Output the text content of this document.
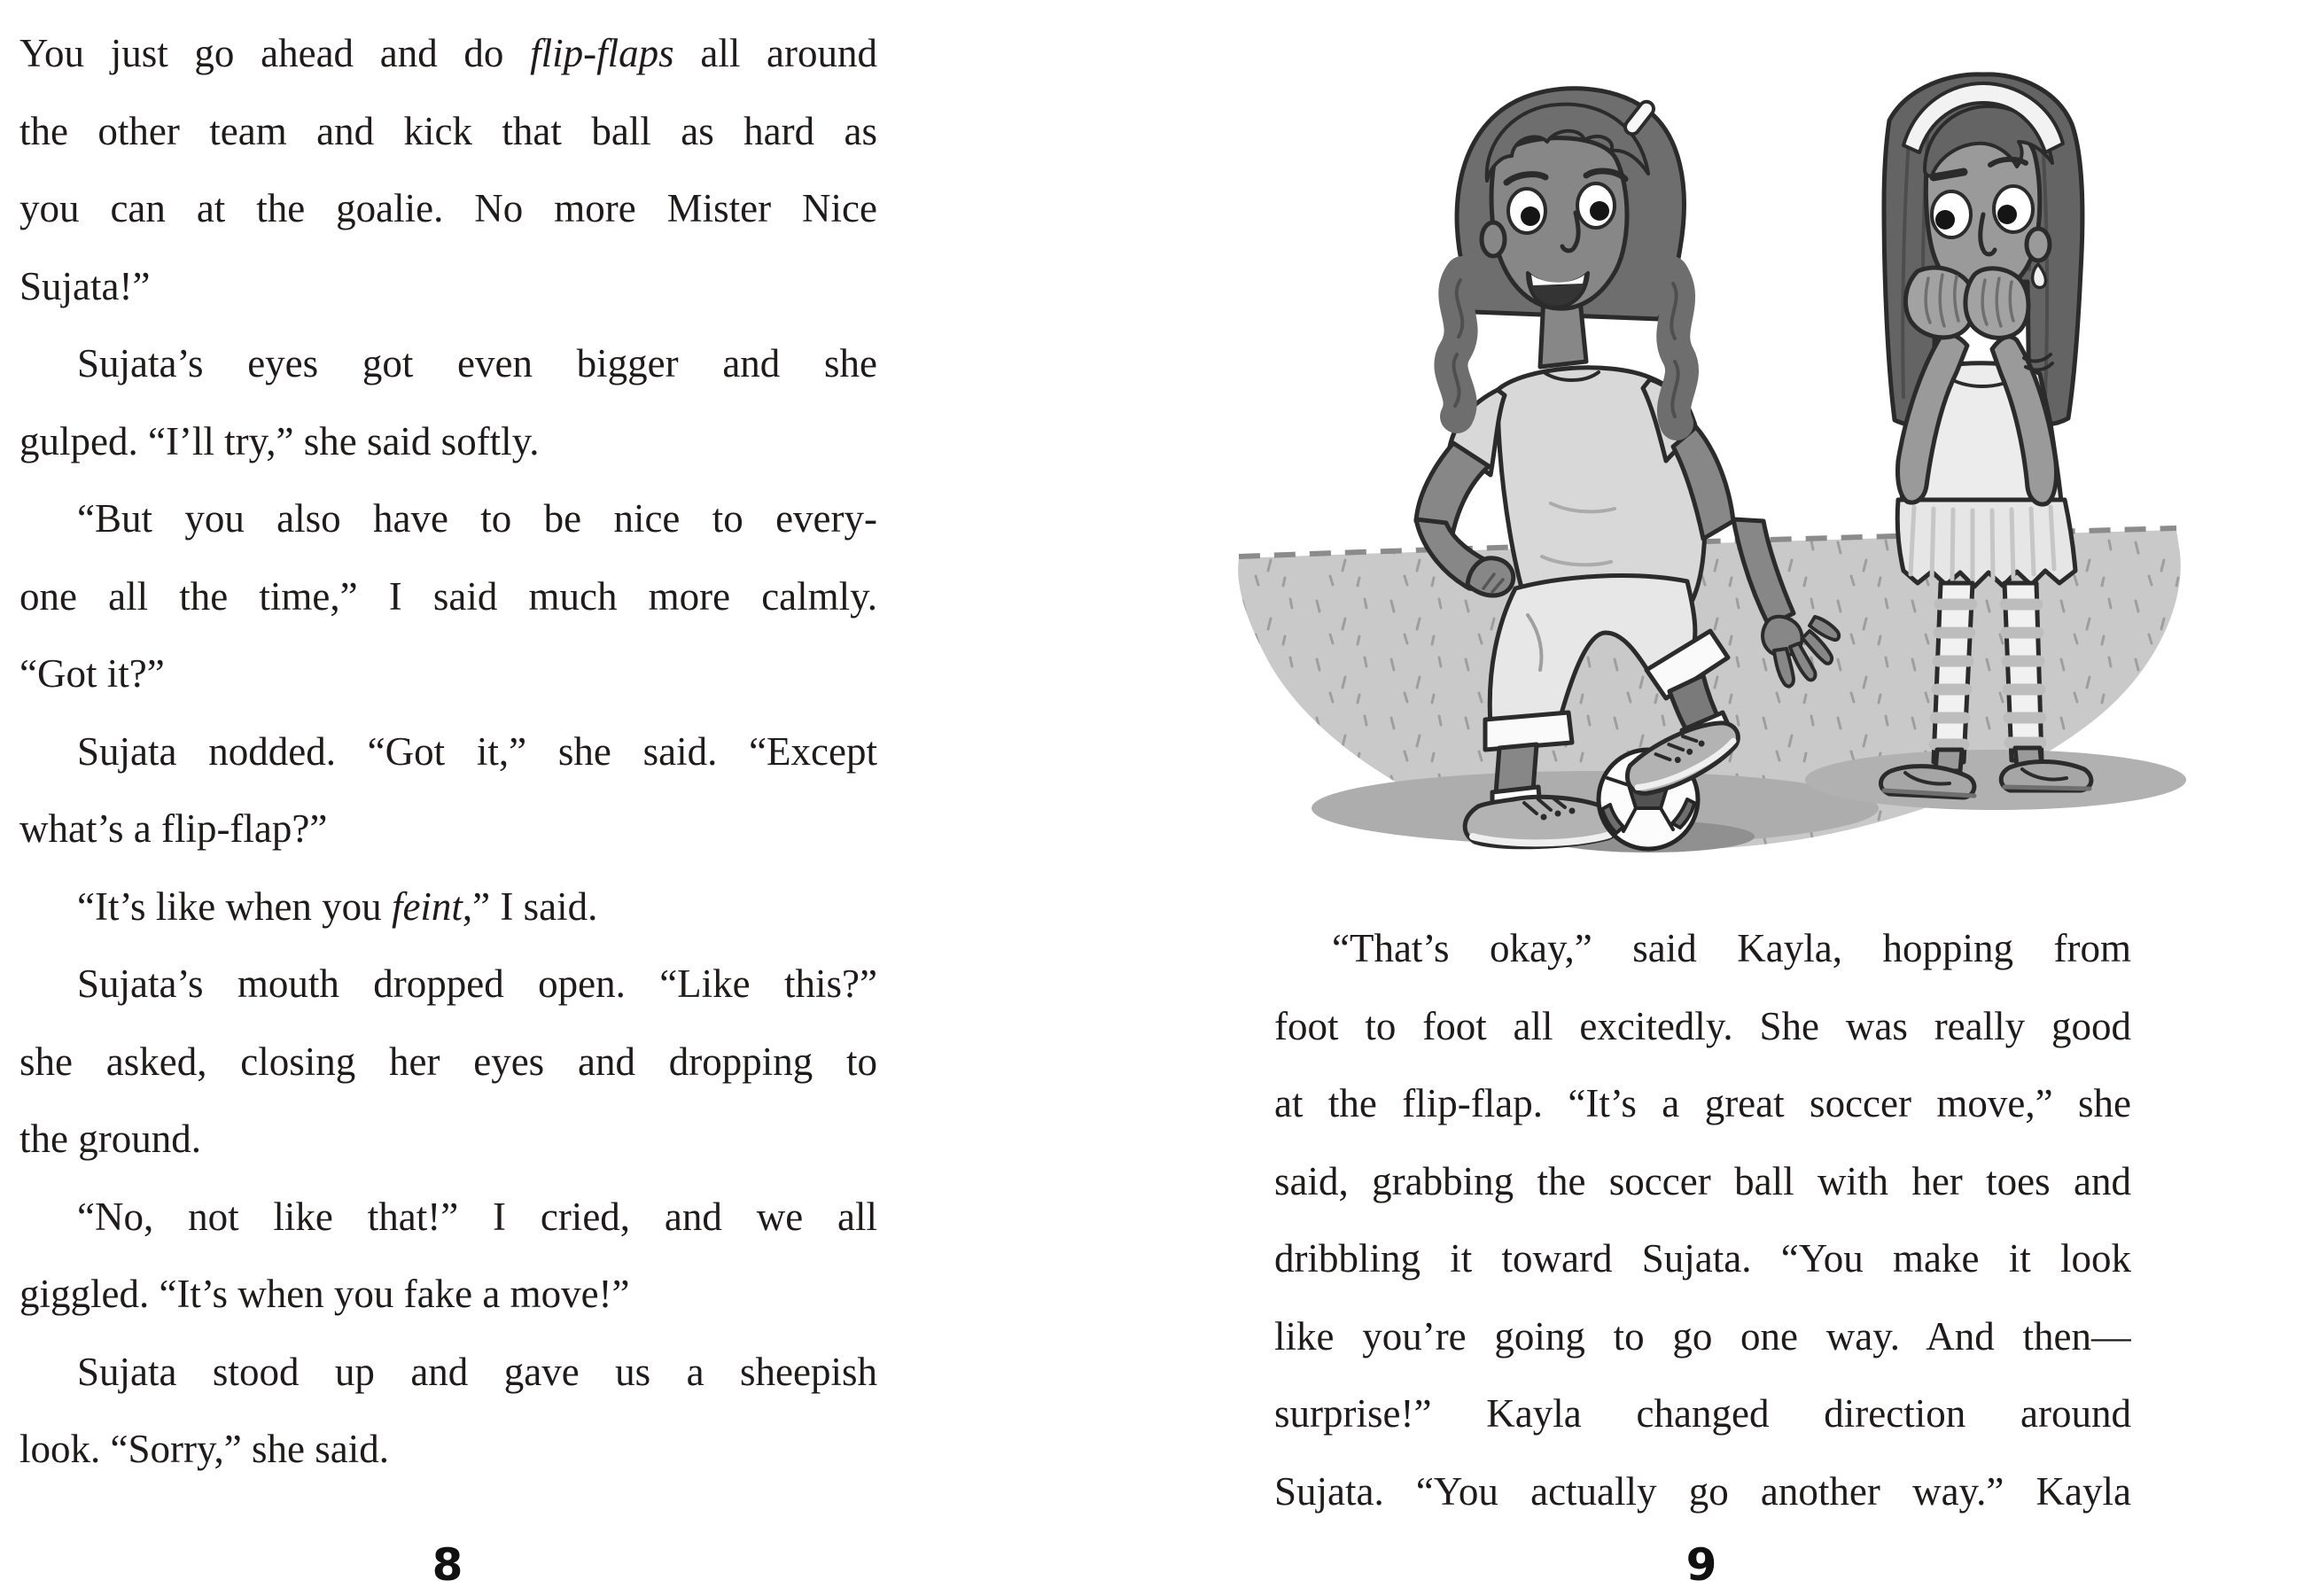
You just go ahead and do flip-flaps all around
the other team and kick that ball as hard as
you can at the goalie. No more Mister Nice
Sujata!”
Sujata’s eyes got even bigger and she
gulped. “I’ll try,” she said softly.
“But you also have to be nice to every-
one all the time,” I said much more calmly.
“Got it?”
Sujata nodded. “Got it,” she said. “Except
what’s a flip-flap?”
“It’s like when you feint,” I said.
Sujata’s mouth dropped open. “Like this?”
she asked, closing her eyes and dropping to
the ground.
“No, not like that!” I cried, and we all
giggled. “It’s when you fake a move!”
Sujata stood up and gave us a sheepish
look. “Sorry,” she said.
8
“That’s okay,” said Kayla, hopping from
foot to foot all excitedly. She was really good
at the flip-flap. “It’s a great soccer move,” she
said, grabbing the soccer ball with her toes and
dribbling it toward Sujata. “You make it look
like you’re going to go one way. And then—
surprise!” Kayla changed direction around
Sujata. “You actually go another way.” Kayla
9
